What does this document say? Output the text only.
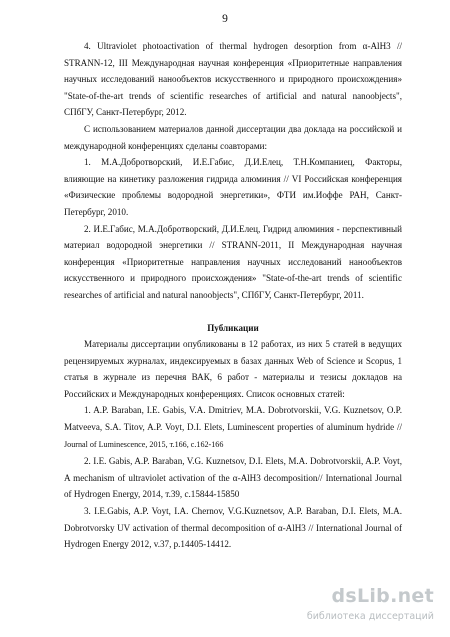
9

4. Ultraviolet photoactivation of thermal hydrogen desorption from α-AlH3 // STRANN-12, III Международная научная конференция «Приоритетные направления научных исследований нанообъектов искусственного и природного происхождения» "State-of-the-art trends of scientific researches of artificial and natural nanoobjects", СПбГУ, Санкт-Петербург, 2012.

С использованием материалов данной диссертации два доклада на российской и международной конференциях сделаны соавторами:

1. М.А.Добротворский, И.Е.Габис, Д.И.Елец, Т.Н.Компаниец, Факторы, влияющие на кинетику разложения гидрида алюминия // VI Российская конференция «Физические проблемы водородной энергетики», ФТИ им.Иоффе РАН, Санкт-Петербург, 2010.

2. И.Е.Габис, М.А.Добротворский, Д.И.Елец, Гидрид алюминия - перспективный материал водородной энергетики // STRANN-2011, II Международная научная конференция «Приоритетные направления научных исследований нанообъектов искусственного и природного происхождения» "State-of-the-art trends of scientific researches of artificial and natural nanoobjects", СПбГУ, Санкт-Петербург, 2011.

Публикации

Материалы диссертации опубликованы в 12 работах, из них 5 статей в ведущих рецензируемых журналах, индексируемых в базах данных Web of Science и Scopus, 1 статья в журнале из перечня ВАК, 6 работ - материалы и тезисы докладов на Российских и Международных конференциях. Список основных статей:

1. A.P. Baraban, I.E. Gabis, V.A. Dmitriev, M.A. Dobrotvorskii, V.G. Kuznetsov, O.P. Matveeva, S.A. Titov, A.P. Voyt, D.I. Elets, Luminescent properties of aluminum hydride // Journal of Luminescence, 2015, т.166, с.162-166

2. I.E. Gabis, A.P. Baraban, V.G. Kuznetsov, D.I. Elets, M.A. Dobrotvorskii, A.P. Voyt, A mechanism of ultraviolet activation of the α-AlH3 decomposition// International Journal of Hydrogen Energy, 2014, т.39, с.15844-15850

3. I.E.Gabis, A.P. Voyt, I.A. Chernov, V.G.Kuznetsov, A.P. Baraban, D.I. Elets, M.A. Dobrotvorsky UV activation of thermal decomposition of α-AlH3 // International Journal of Hydrogen Energy 2012, v.37, p.14405-14412.

dsLib.net
библиотека диссертаций
